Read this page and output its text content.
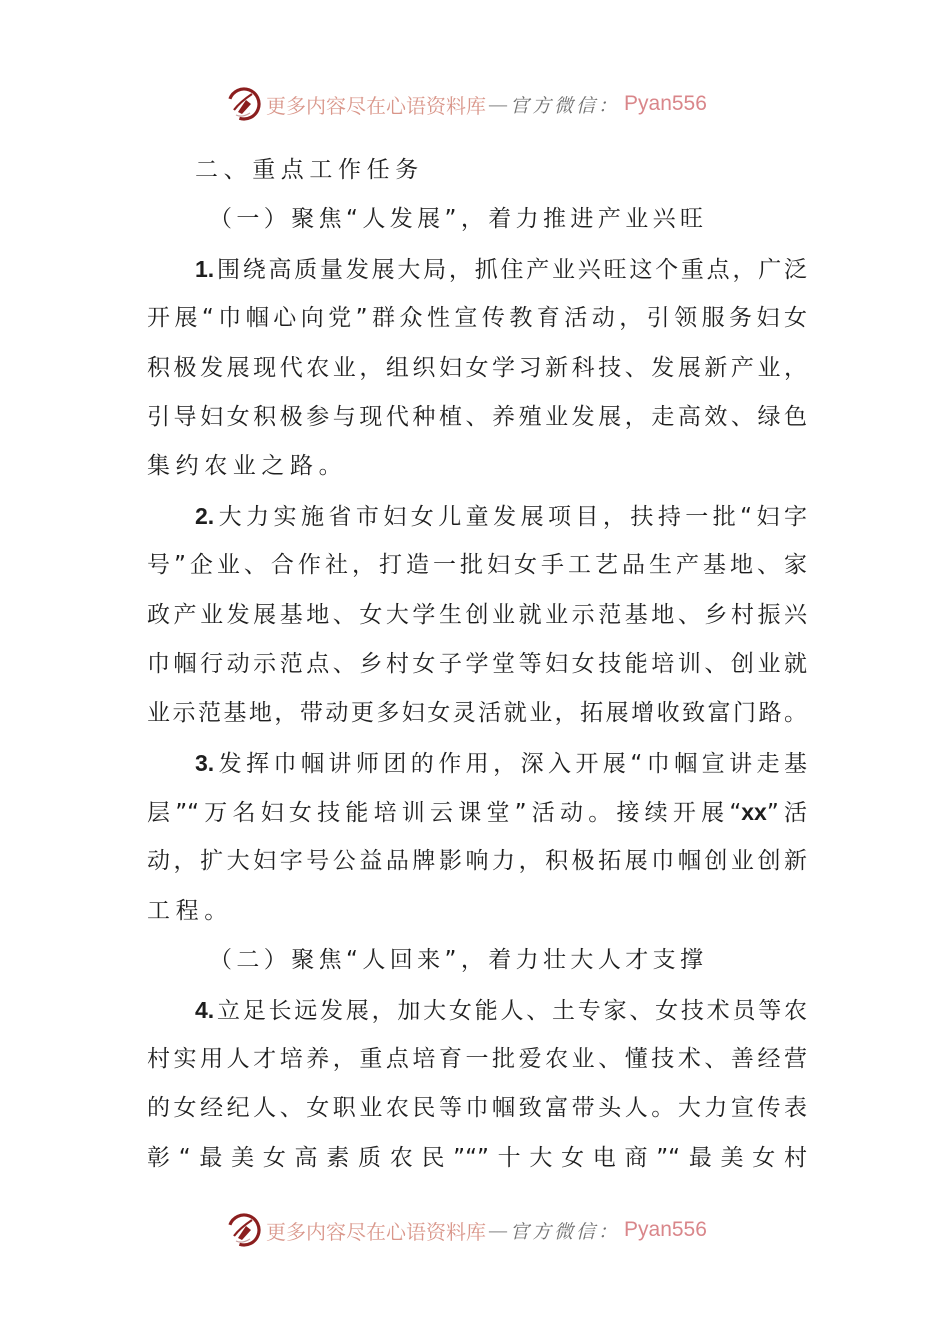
更多内容尽在心语资料库 — 官方微信： Pyan556
二、重点工作任务
（一）聚焦“人发展”，着力推进产业兴旺
1.围绕高质量发展大局，抓住产业兴旺这个重点，广泛
开展“巾帼心向党”群众性宣传教育活动，引领服务妇女
积极发展现代农业，组织妇女学习新科技、发展新产业，
引导妇女积极参与现代种植、养殖业发展，走高效、绿色
集约农业之路。
2.大力实施省市妇女儿童发展项目，扶持一批“妇字
号”企业、合作社，打造一批妇女手工艺品生产基地、家
政产业发展基地、女大学生创业就业示范基地、乡村振兴
巾帼行动示范点、乡村女子学堂等妇女技能培训、创业就
业示范基地，带动更多妇女灵活就业，拓展增收致富门路。
3.发挥巾帼讲师团的作用，深入开展“巾帼宣讲走基
层”“万名妇女技能培训云课堂”活动。接续开展“xx”活
动，扩大妇字号公益品牌影响力，积极拓展巾帼创业创新
工程。
（二）聚焦“人回来”，着力壮大人才支撑
4.立足长远发展，加大女能人、土专家、女技术员等农
村实用人才培养，重点培育一批爱农业、懂技术、善经营
的女经纪人、女职业农民等巾帼致富带头人。大力宣传表
彰“最美女高素质农民”“”十大女电商”“最美女村
更多内容尽在心语资料库 — 官方微信： Pyan556
